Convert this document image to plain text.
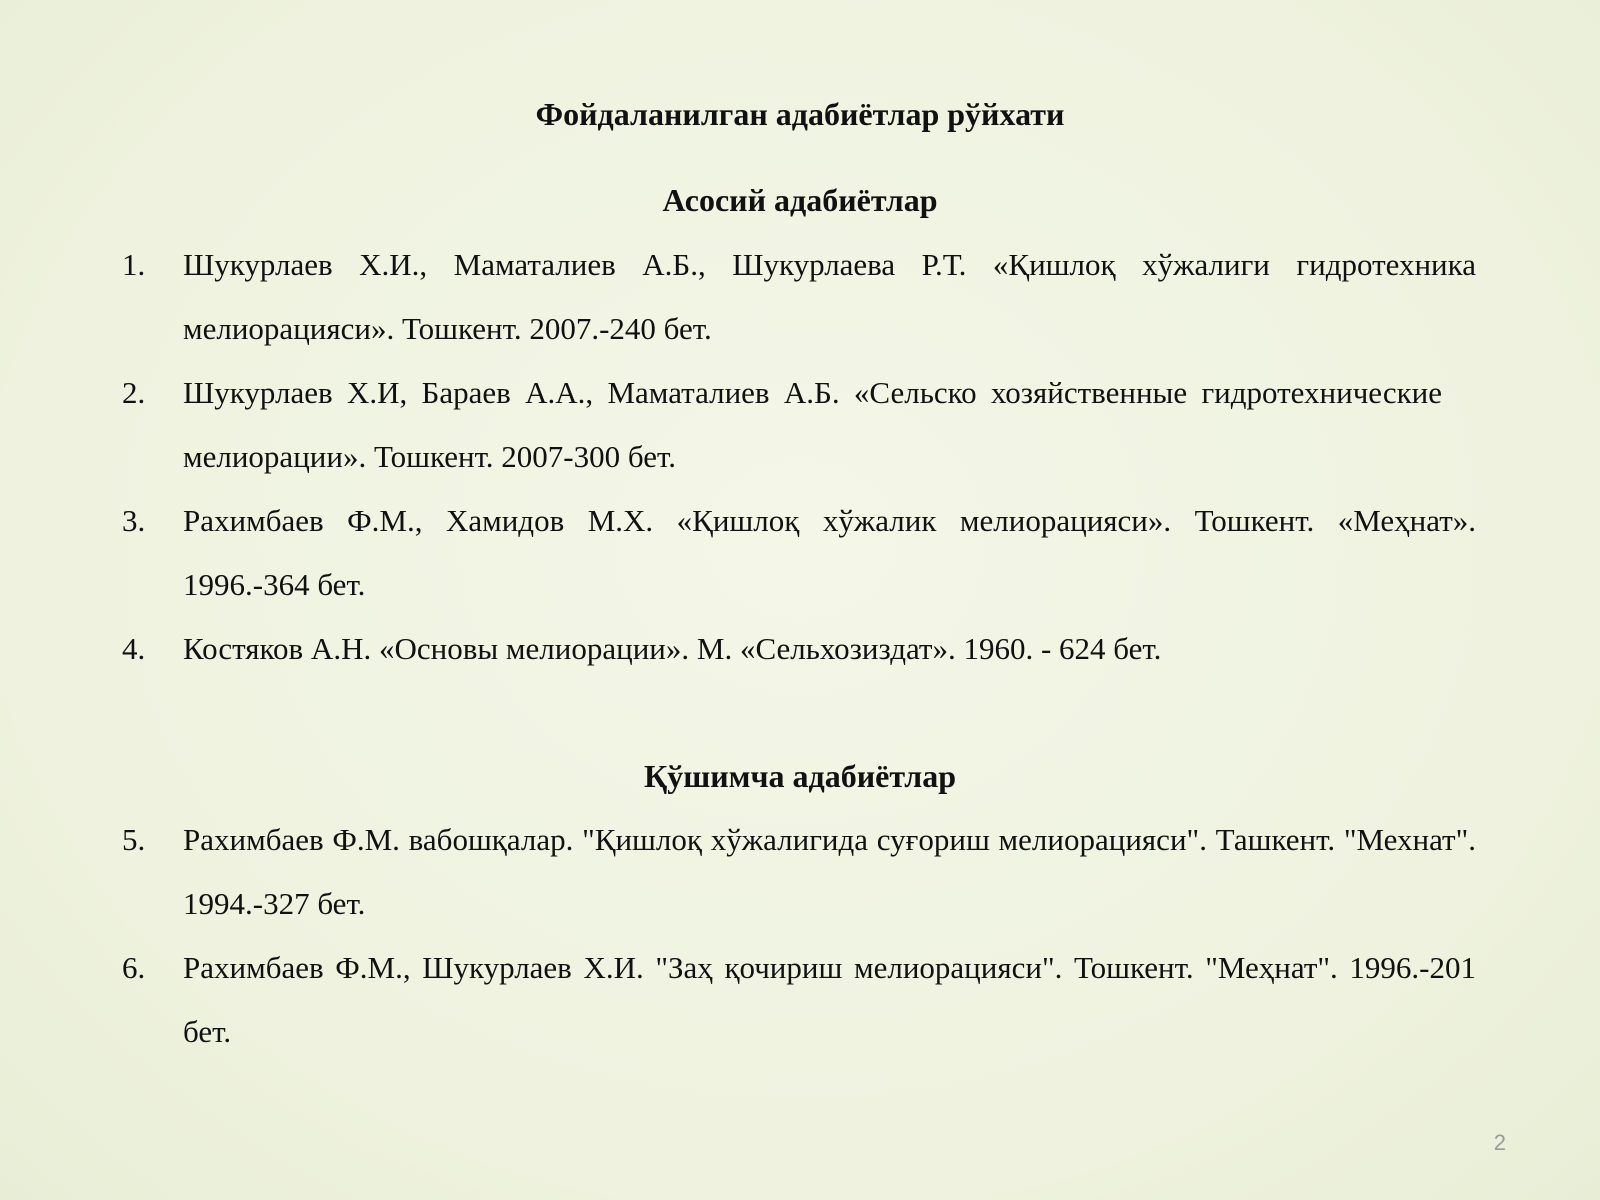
Фойдаланилган адабиётлар рўйхати
Асосий адабиётлар
1.	Шукурлаев Х.И., Маматалиев А.Б., Шукурлаева Р.Т. «Қишлоқ хўжалиги гидротехника мелиорацияси». Тошкент. 2007.-240 бет.
2.	Шукурлаев Х.И, Бараев А.А., Маматалиев А.Б. «Сельско хозяйственные гидротехнические мелиорации». Тошкент. 2007-300 бет.
3.	Рахимбаев Ф.М., Хамидов М.Х. «Қишлоқ хўжалик мелиорацияси». Тошкент. «Меҳнат». 1996.-364 бет.
4.	Костяков А.Н. «Основы мелиорации». М. «Сельхозиздат». 1960. - 624 бет.
Қўшимча адабиётлар
5.	Рахимбаев Ф.М. вабошқалар. "Қишлоқ хўжалигида суғориш мелиорацияси". Ташкент. "Мехнат". 1994.-327 бет.
6.	Рахимбаев Ф.М., Шукурлаев Х.И. "Заҳ қочириш мелиорацияси". Тошкент. "Меҳнат". 1996.-201 бет.
2
